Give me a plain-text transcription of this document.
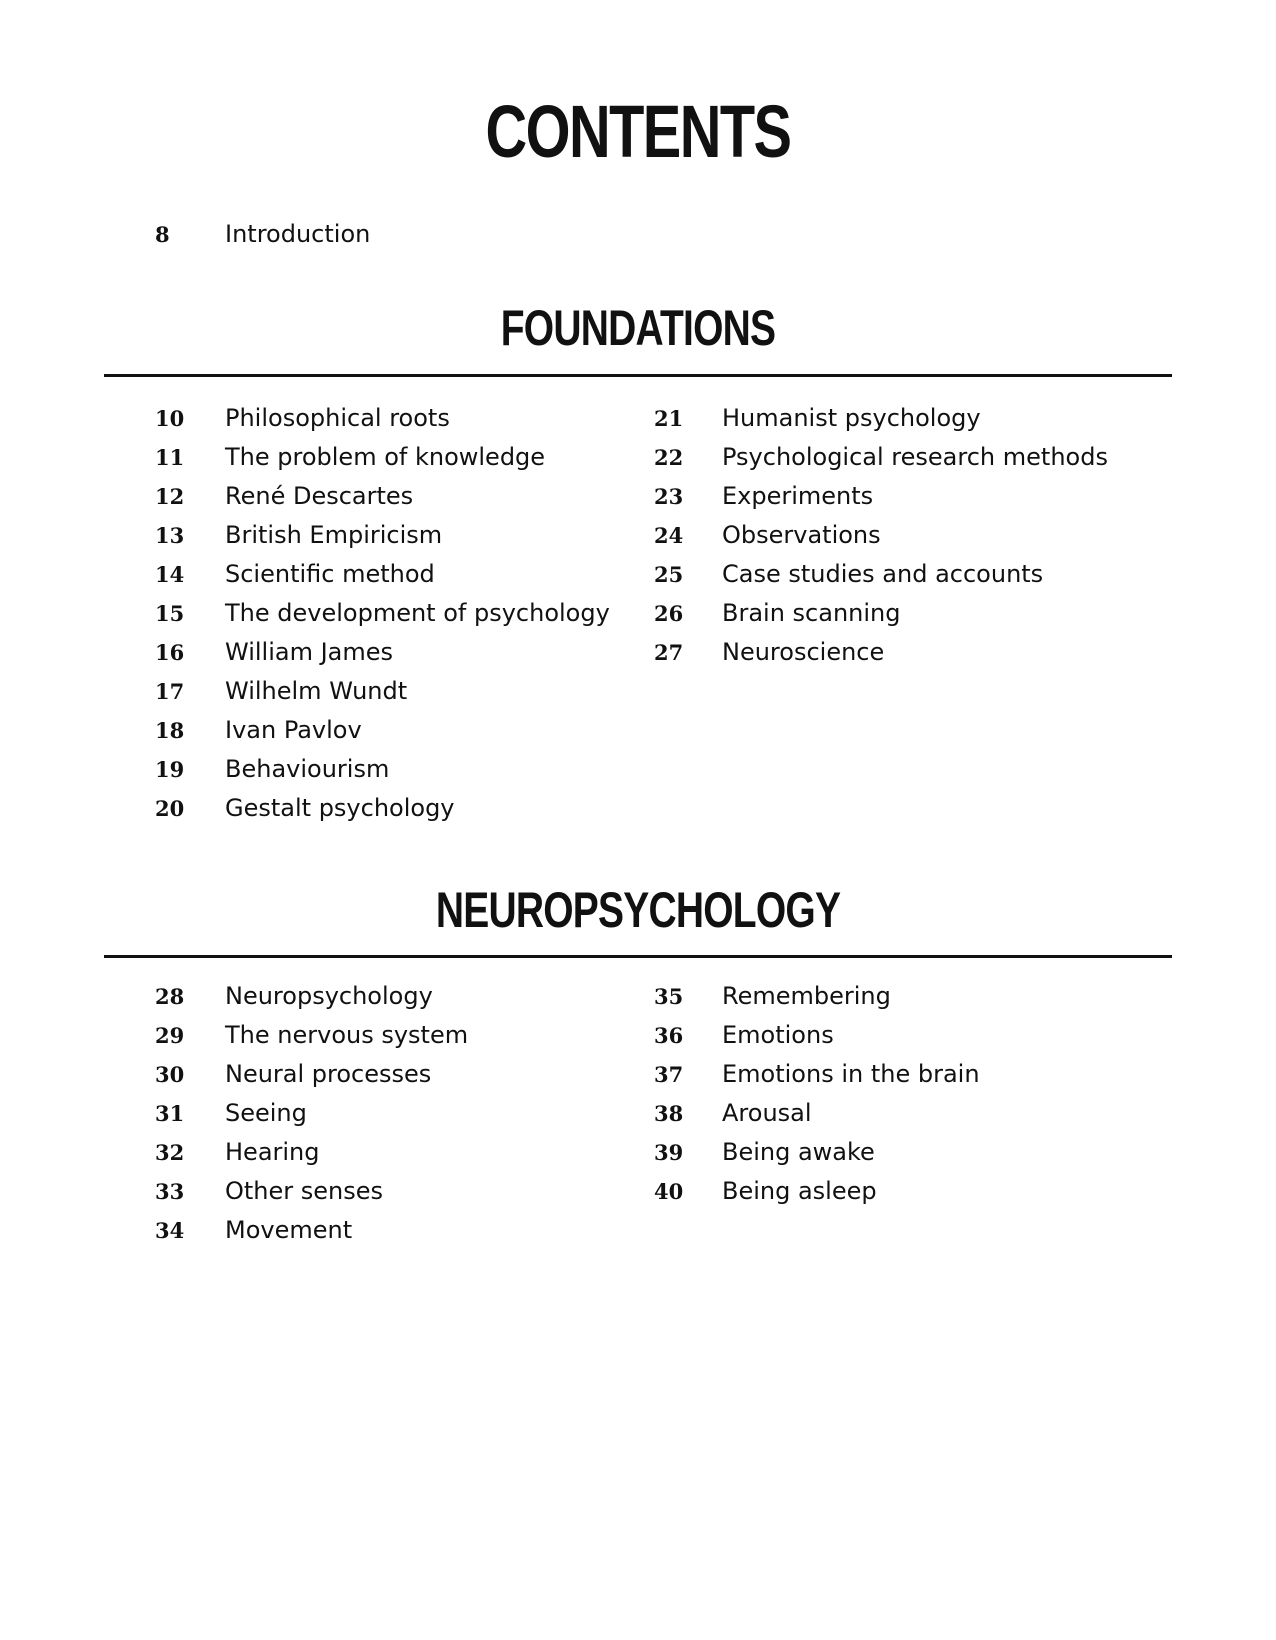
CONTENTS
8 Introduction
FOUNDATIONS
10 Philosophical roots
11 The problem of knowledge
12 René Descartes
13 British Empiricism
14 Scientific method
15 The development of psychology
16 William James
17 Wilhelm Wundt
18 Ivan Pavlov
19 Behaviourism
20 Gestalt psychology
21 Humanist psychology
22 Psychological research methods
23 Experiments
24 Observations
25 Case studies and accounts
26 Brain scanning
27 Neuroscience
NEUROPSYCHOLOGY
28 Neuropsychology
29 The nervous system
30 Neural processes
31 Seeing
32 Hearing
33 Other senses
34 Movement
35 Remembering
36 Emotions
37 Emotions in the brain
38 Arousal
39 Being awake
40 Being asleep
